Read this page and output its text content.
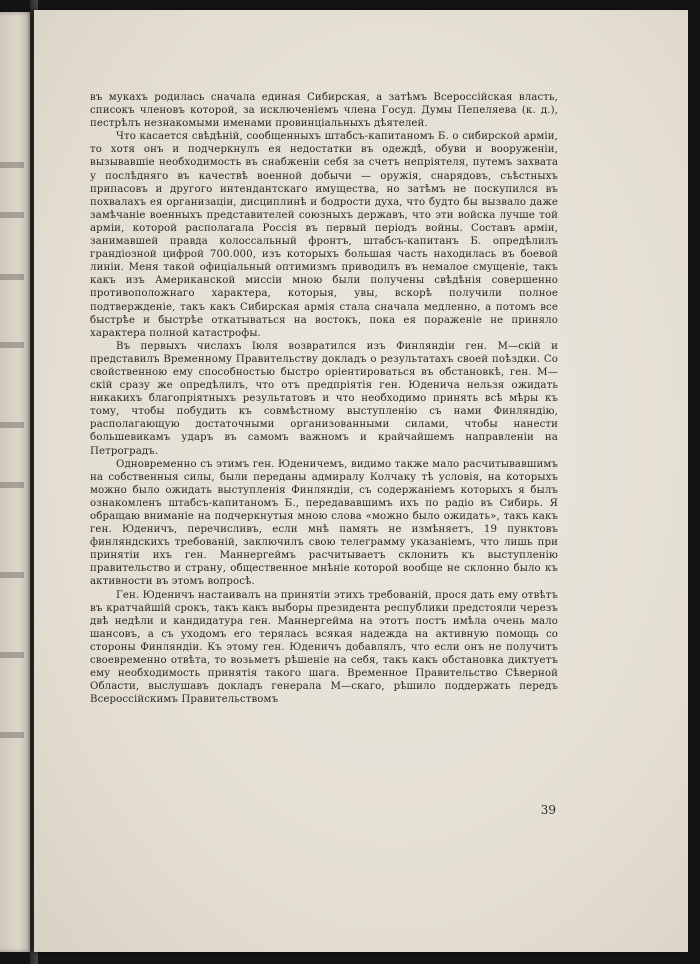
въ мукахъ родилась сначала единая Сибирская, а затѣмъ Всероссійская власть, списокъ членовъ которой, за исключеніемъ члена Госуд. Думы Пепеляева (к. д.), пестрѣлъ незнакомыми именами провинціальныхъ дѣятелей.

Что касается свѣдѣній, сообщенныхъ штабсъ-капитаномъ Б. о сибирской арміи, то хотя онъ и подчеркнулъ ея недостатки въ одеждѣ, обуви и вооруженіи, вызывавшіе необходимость въ снабженіи себя за счетъ непріятеля, путемъ захвата у послѣдняго въ качествѣ военной добычи — оружія, снарядовъ, съѣстныхъ припасовъ и другого интендантскаго имущества, но затѣмъ не поскупился въ похвалахъ ея организаціи, дисциплинѣ и бодрости духа, что будто бы вызвало даже замѣчаніе военныхъ представителей союзныхъ державъ, что эти войска лучше той арміи, которой располагала Россія въ первый періодъ войны. Составъ арміи, занимавшей правда колоссальный фронтъ, штабсъ-капитанъ Б. опредѣлилъ грандіозной цифрой 700.000, изъ которыхъ большая часть находилась въ боевой линіи. Меня такой офиціальный оптимизмъ приводилъ въ немалое смущеніе, такъ какъ изъ Американской миссіи мною были получены свѣдѣнія совершенно противоположнаго характера, которыя, увы, вскорѣ получили полное подтвержденіе, такъ какъ Сибирская армія стала сначала медленно, а потомъ все быстрѣе и быстрѣе откатываться на востокъ, пока ея пораженіе не приняло характера полной катастрофы.

Въ первыхъ числахъ Іюля возвратился изъ Финляндіи ген. М—скій и представилъ Временному Правительству докладъ о результатахъ своей поѣздки. Со свойственною ему способностью быстро оріентироваться въ обстановкѣ, ген. М—скій сразу же опредѣлилъ, что отъ предпріятія ген. Юденича нельзя ожидать никакихъ благопріятныхъ результатовъ и что необходимо принять всѣ мѣры къ тому, чтобы побудить къ совмѣстному выступленію съ нами Финляндію, располагающую достаточными организованными силами, чтобы нанести большевикамъ ударъ въ самомъ важномъ и крайчайшемъ направленіи на Петроградъ.

Одновременно съ этимъ ген. Юденичемъ, видимо также мало расчитывавшимъ на собственныя силы, были переданы адмиралу Колчаку тѣ условія, на которыхъ можно было ожидать выступленія Финляндіи, съ содержаніемъ которыхъ я былъ ознакомленъ штабсъ-капитаномъ Б., передававшимъ ихъ по радіо въ Сибирь. Я обращаю вниманіе на подчеркнутыя мною слова «можно было ожидать», такъ какъ ген. Юденичъ, перечисливъ, если мнѣ память не измѣняетъ, 19 пунктовъ финляндскихъ требованій, заключилъ свою телеграмму указаніемъ, что лишь при принятіи ихъ ген. Маннергеймъ расчитываетъ склонить къ выступленію правительство и страну, общественное мнѣніе которой вообще не склонно было къ активности въ этомъ вопросѣ.

Ген. Юденичъ настаивалъ на принятіи этихъ требованій, прося дать ему отвѣтъ въ кратчайшій срокъ, такъ какъ выборы президента республики предстояли черезъ двѣ недѣли и кандидатура ген. Маннергейма на этотъ постъ имѣла очень мало шансовъ, а съ уходомъ его терялась всякая надежда на активную помощь со стороны Финляндіи. Къ этому ген. Юденичъ добавлялъ, что если онъ не получитъ своевременно отвѣта, то возьметъ рѣшеніе на себя, такъ какъ обстановка диктуетъ ему необходимость принятія такого шага. Временное Правительство Сѣверной Области, выслушавъ докладъ генерала М—скаго, рѣшило поддержать передъ Всероссійскимъ Правительствомъ

39
